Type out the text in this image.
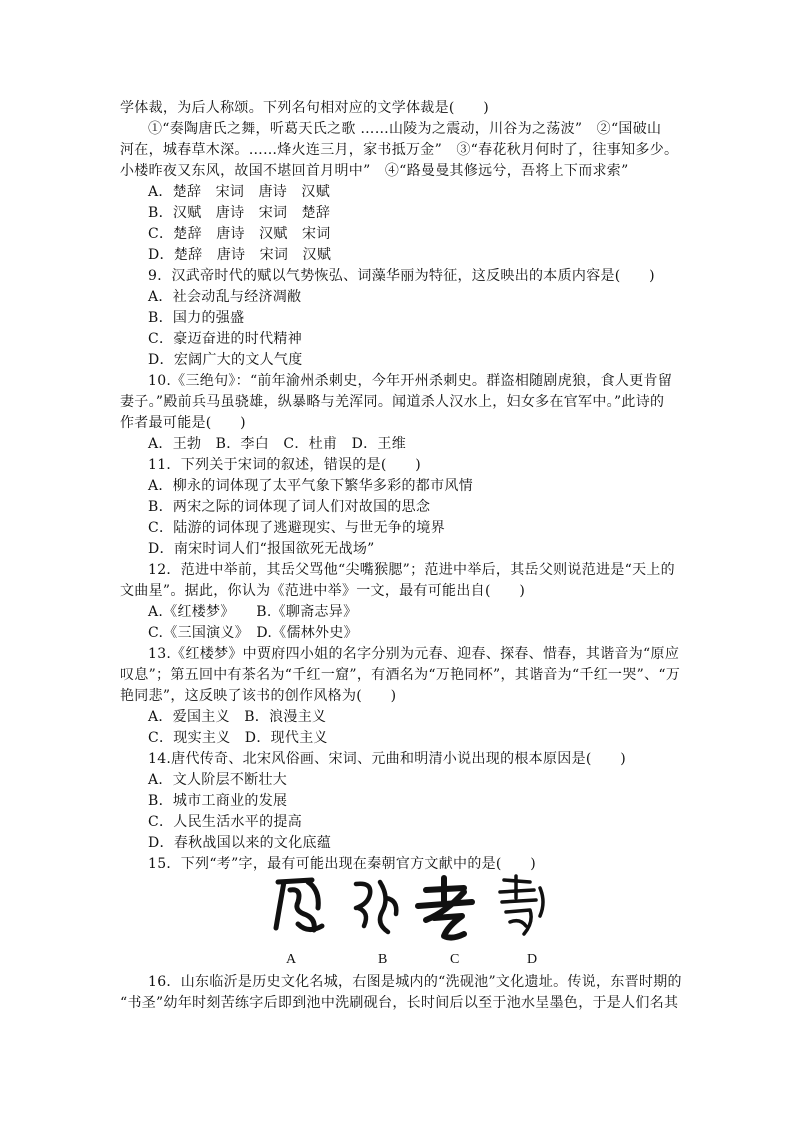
学体裁，为后人称颂。下列名句相对应的文学体裁是(　　)
①“奏陶唐氏之舞，听葛天氏之歌 ……山陵为之震动，川谷为之荡波”　②“国破山
河在，城春草木深。……烽火连三月，家书抵万金”　③“春花秋月何时了，往事知多少。
小楼昨夜又东风，故国不堪回首月明中”　④“路曼曼其修远兮，吾将上下而求索”
A．楚辞　宋词　唐诗　汉赋
B．汉赋　唐诗　宋词　楚辞
C．楚辞　唐诗　汉赋　宋词
D．楚辞　唐诗　宋词　汉赋
9．汉武帝时代的赋以气势恢弘、词藻华丽为特征，这反映出的本质内容是(　　)
A．社会动乱与经济凋敝
B．国力的强盛
C．豪迈奋进的时代精神
D．宏阔广大的文人气度
10.《三绝句》：“前年渝州杀刺史，今年开州杀刺史。群盗相随剧虎狼，食人更肯留
妻子。”殿前兵马虽骁雄，纵暴略与羌浑同。闻道杀人汉水上，妇女多在官军中。”此诗的
作者最可能是(　　)
A．王勃　B．李白　C．杜甫　D．王维
11．下列关于宋词的叙述，错误的是(　　)
A．柳永的词体现了太平气象下繁华多彩的都市风情
B．两宋之际的词体现了词人们对故国的思念
C．陆游的词体现了逃避现实、与世无争的境界
D．南宋时词人们“报国欲死无战场”
12．范进中举前，其岳父骂他“尖嘴猴腮”；范进中举后，其岳父则说范进是“天上的
文曲星”。据此，你认为《范进中举》一文，最有可能出自(　　)
A.《红楼梦》　　B.《聊斋志异》
C.《三国演义》　D.《儒林外史》
13.《红楼梦》中贾府四小姐的名字分别为元春、迎春、探春、惜春，其谐音为“原应
叹息”；第五回中有茶名为“千红一窟”，有酒名为“万艳同杯”，其谐音为“千红一哭”、“万
艳同悲”，这反映了该书的创作风格为(　　)
A．爱国主义　B．浪漫主义
C．现实主义　D．现代主义
14.唐代传奇、北宋风俗画、宋词、元曲和明清小说出现的根本原因是(　　)
A．文人阶层不断壮大
B．城市工商业的发展
C．人民生活水平的提高
D．春秋战国以来的文化底蕴
15．下列“考”字，最有可能出现在秦朝官方文献中的是(　　)
A	B	C	D
16．山东临沂是历史文化名城，右图是城内的“洗砚池”文化遗址。传说，东晋时期的
“书圣”幼年时刻苦练字后即到池中洗刷砚台，长时间后以至于池水呈墨色，于是人们名其
